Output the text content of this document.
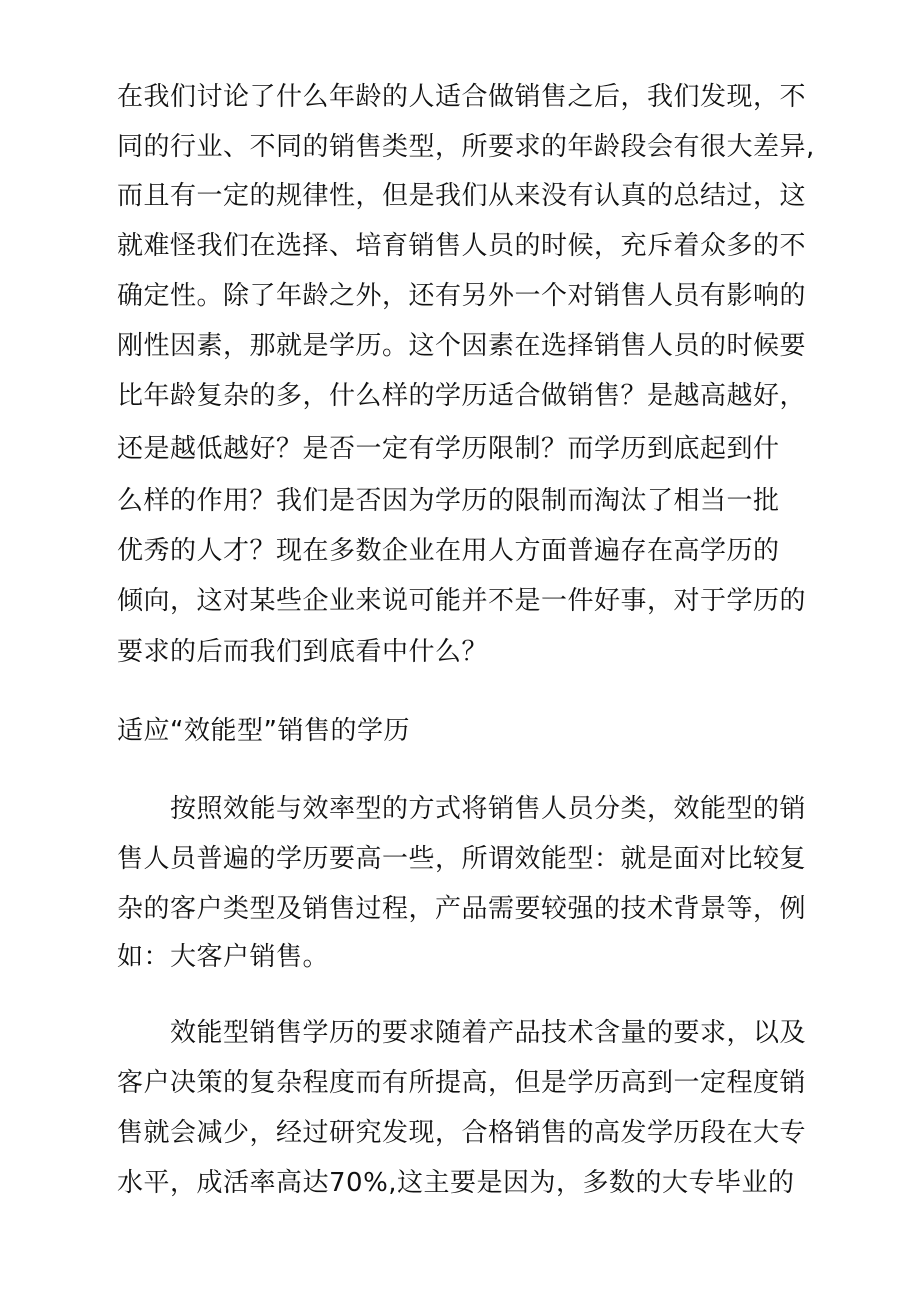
在我们讨论了什么年龄的人适合做销售之后，我们发现，不
同的行业、不同的销售类型，所要求的年龄段会有很大差异,
而且有一定的规律性，但是我们从来没有认真的总结过，这
就难怪我们在选择、培育销售人员的时候，充斥着众多的不
确定性。除了年龄之外，还有另外一个对销售人员有影响的
刚性因素，那就是学历。这个因素在选择销售人员的时候要
比年龄复杂的多，什么样的学历适合做销售？是越高越好，
还是越低越好？是否一定有学历限制？而学历到底起到什
么样的作用？我们是否因为学历的限制而淘汰了相当一批
优秀的人才？现在多数企业在用人方面普遍存在高学历的
倾向，这对某些企业来说可能并不是一件好事，对于学历的
要求的后而我们到底看中什么？
适应“效能型”销售的学历
按照效能与效率型的方式将销售人员分类，效能型的销
售人员普遍的学历要高一些，所谓效能型：就是面对比较复
杂的客户类型及销售过程，产品需要较强的技术背景等，例
如：大客户销售。
效能型销售学历的要求随着产品技术含量的要求，以及
客户决策的复杂程度而有所提高，但是学历高到一定程度销
售就会减少，经过研究发现，合格销售的高发学历段在大专
水平，成活率高达70%,这主要是因为，多数的大专毕业的
